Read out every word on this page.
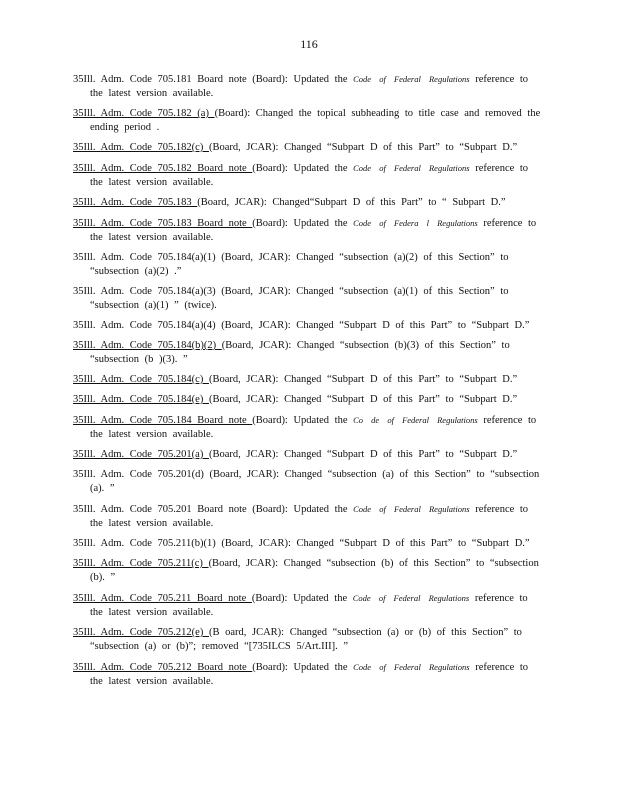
116
35Ill. Adm. Code 705.181 Board note (Board): Updated the Code of Federal Regulations reference to the latest version available.
35Ill. Adm. Code 705.182 (a) (Board): Changed the topical subheading to title case and removed the ending period .
35Ill. Adm. Code 705.182(c) (Board, JCAR): Changed “Subpart D of this Part” to “Subpart D.”
35Ill. Adm. Code 705.182 Board note (Board): Updated the Code of Federal Regulations reference to the latest version available.
35Ill. Adm. Code 705.183 (Board, JCAR): Changed“Subpart D of this Part” to “ Subpart D.”
35Ill. Adm. Code 705.183 Board note (Board): Updated the Code of Federa l Regulations reference to the latest version available.
35Ill. Adm. Code 705.184(a)(1) (Board, JCAR): Changed “subsection (a)(2) of this Section” to “subsection (a)(2) .”
35Ill. Adm. Code 705.184(a)(3) (Board, JCAR): Changed “subsection (a)(1) of this Section” to “subsection (a)(1) ” (twice).
35Ill. Adm. Code 705.184(a)(4) (Board, JCAR): Changed “Subpart D of this Part” to “Subpart D.”
35Ill. Adm. Code 705.184(b)(2) (Board, JCAR): Changed “subsection (b)(3) of this Section” to “subsection (b )(3). ”
35Ill. Adm. Code 705.184(c) (Board, JCAR): Changed “Subpart D of this Part” to “Subpart D.”
35Ill. Adm. Code 705.184(e) (Board, JCAR): Changed “Subpart D of this Part” to “Subpart D.”
35Ill. Adm. Code 705.184 Board note (Board): Updated the Co de of Federal Regulations reference to the latest version available.
35Ill. Adm. Code 705.201(a) (Board, JCAR): Changed “Subpart D of this Part” to “Subpart D.”
35Ill. Adm. Code 705.201(d) (Board, JCAR): Changed “subsection (a) of this Section” to “subsection (a). ”
35Ill. Adm. Code 705.201 Board note (Board): Updated the Code of Federal Regulations reference to the latest version available.
35Ill. Adm. Code 705.211(b)(1) (Board, JCAR): Changed “Subpart D of this Part” to “Subpart D.”
35Ill. Adm. Code 705.211(c) (Board, JCAR): Changed “subsection (b) of this Section” to “subsection (b). ”
35Ill. Adm. Code 705.211 Board note (Board): Updated the Code of Federal Regulations reference to the latest version available.
35Ill. Adm. Code 705.212(e) (B oard, JCAR): Changed “subsection (a) or (b) of this Section” to “subsection (a) or (b)”; removed “[735ILCS 5/Art.III]. ”
35Ill. Adm. Code 705.212 Board note (Board): Updated the Code of Federal Regulations reference to the latest version available.
